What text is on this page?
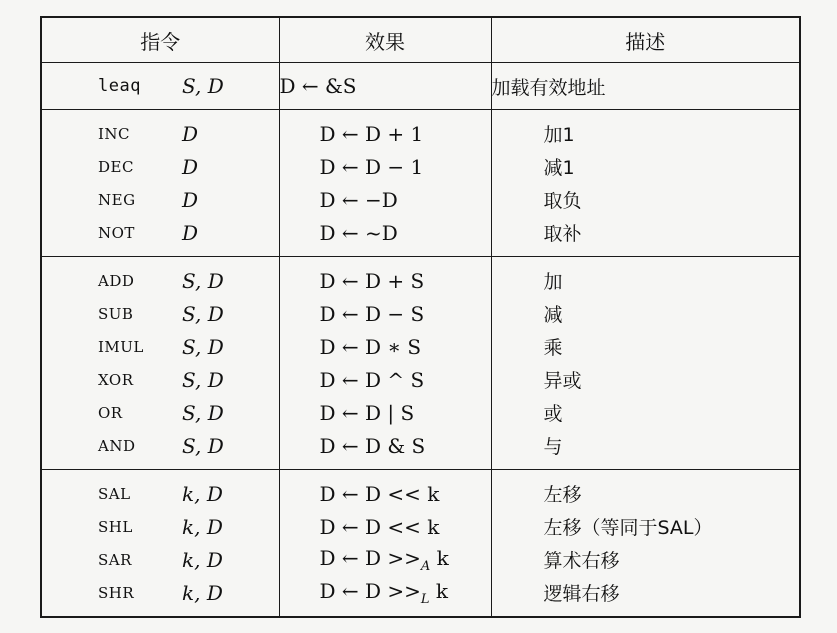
指令	效果	描述

leaq S, D	D ← &S	加载有效地址

INC D	D ← D + 1	加1

DEC D	D ← D − 1	减1

NEG D	D ← −D	取负

NOT D	D ← ~D	取补

ADD S, D	D ← D + S	加

SUB S, D	D ← D − S	减

IMUL S, D	D ← D ∗ S	乘

XOR S, D	D ← D ^ S	异或

OR S, D	D ← D | S	或

AND S, D	D ← D & S	与

SAL k, D	D ← D << k	左移

SHL k, D	D ← D << k	左移（等同于SAL）

SAR k, D	D ← $D >>_A$ k	算术右移

SHR k, D	D ← $D >>_L$ k	逻辑右移
